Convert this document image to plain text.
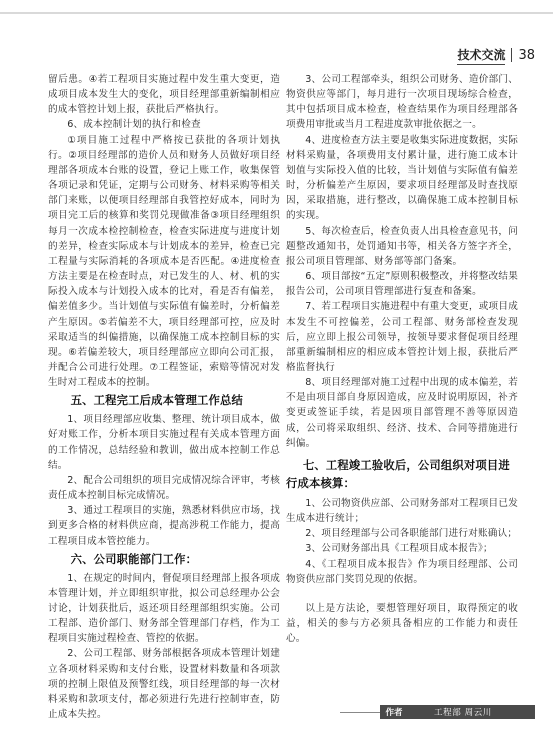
技术交流 38

留后患。④若工程项目实施过程中发生重大变更，造成项目成本发生大的变化，项目经理部重新编制相应的成本管控计划上报，获批后严格执行。

6、成本控制计划的执行和检查

①项目施工过程中严格按已获批的各项计划执行。②项目经理部的造价人员和财务人员做好项目经理部各项成本台账的设置，登记上账工作，收集保管各项记录和凭证，定期与公司财务、材料采购等相关部门来账，以便项目经理部自我管控好成本，同时为项目完工后的核算和奖罚兑现做准备③项目经理组织每月一次成本检控制检查，检查实际进度与进度计划的差异，检查实际成本与计划成本的差异，检查已完工程量与实际消耗的各项成本是否匹配。④进度检查方法主要是在检查时点，对已发生的人、材、机的实际投入成本与计划投入成本的比对，看是否有偏差，偏差值多少。当计划值与实际值有偏差时，分析偏差产生原因。⑤若偏差不大，项目经理部可控，应及时采取适当的纠偏措施，以确保施工成本控制目标的实现。⑥若偏差较大，项目经理部应立即向公司汇报，并配合公司进行处理。⑦工程签证，索赔等情况对发生时对工程成本的控制。

五、工程完工后成本管理工作总结

1、项目经理部应收集、整理、统计项目成本，做好对账工作，分析本项目实施过程有关成本管理方面的工作情况，总结经验和教训，做出成本控制工作总结。

2、配合公司组织的项目完成情况综合评审，考核责任成本控制目标完成情况。

3、通过工程项目的实施，熟悉材料供应市场，找到更多合格的材料供应商，提高涉税工作能力，提高工程项目成本管控能力。

六、公司职能部门工作：

1、在规定的时间内，督促项目经理部上报各项成本管理计划，并立即组织审批，拟公司总经理办公会讨论，计划获批后，返还项目经理部组织实施。公司工程部、造价部门、财务部全管理部门存档，作为工程项目实施过程检查、管控的依据。

2、公司工程部、财务部根据各项成本管理计划建立各项材料采购和支付台账，设置材料数量和各项款项的控制上限值及预警红线，项目经理部的每一次材料采购和款项支付，都必须进行先进行控制审查，防止成本失控。

3、公司工程部牵头，组织公司财务、造价部门、物资供应等部门，每月进行一次项目现场综合检查，其中包括项目成本检查，检查结果作为项目经理部各项费用审批或当月工程进度款审批依据之一。

4、进度检查方法主要是收集实际进度数据，实际材料采购量，各项费用支付累计量，进行施工成本计划值与实际投入值的比较，当计划值与实际值有偏差时，分析偏差产生原因，要求项目经理部及时查找原因，采取措施，进行整改，以确保施工成本控制目标的实现。

5、每次检查后，检查负责人出具检查意见书，问题整改通知书，处罚通知书等，相关各方签字齐全，报公司项目管理部、财务部等部门备案。

6、项目部按“五定”原则积极整改，并将整改结果报告公司，公司项目管理部进行复查和备案。

7、若工程项目实施进程中有重大变更，或项目成本发生不可控偏差，公司工程部、财务部检查发现后，应立即上报公司领导，按领导要求督促项目经理部重新编制相应的相应成本管控计划上报，获批后严格监督执行

8、项目经理部对施工过程中出现的成本偏差，若不是由项目部自身原因造成，应及时说明原因，补齐变更或签证手续，若是因项目部管理不善等原因造成，公司将采取组织、经济、技术、合同等措施进行纠偏。

七、工程竣工验收后，公司组织对项目进行成本核算：

1、公司物资供应部、公司财务部对工程项目已发生成本进行统计；

2、项目经理部与公司各职能部门进行对账确认；

3、公司财务部出具《工程项目成本报告》；

4、《工程项目成本报告》作为项目经理部、公司物资供应部门奖罚兑现的依据。

以上是方法论，要想管理好项目，取得预定的收益，相关的参与方必须具备相应的工作能力和责任心。

作者	工程部 周云川
